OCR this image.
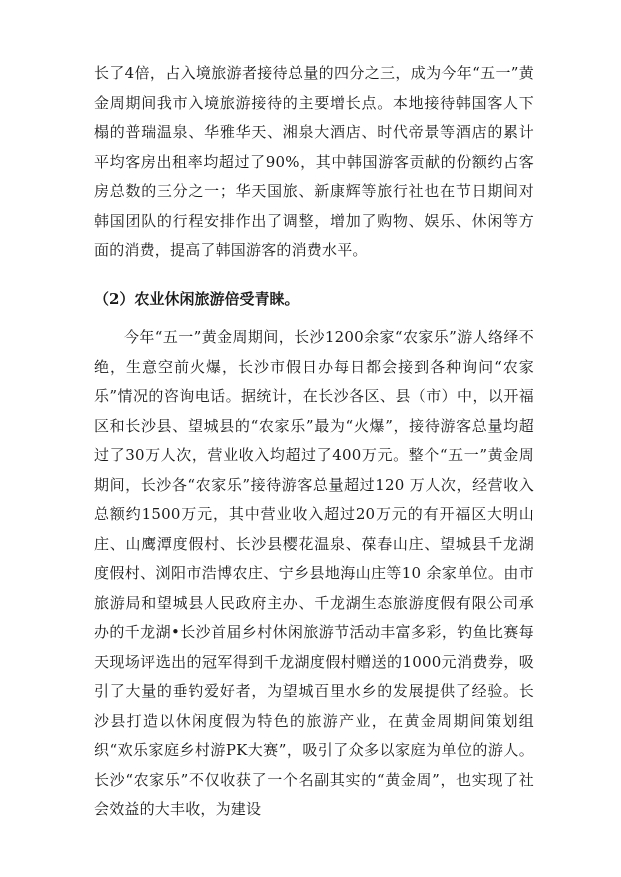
长了4倍，占入境旅游者接待总量的四分之三，成为今年“五一”黄金周期间我市入境旅游接待的主要增长点。本地接待韩国客人下榻的普瑞温泉、华雅华天、湘泉大酒店、时代帝景等酒店的累计平均客房出租率均超过了90%，其中韩国游客贡献的份额约占客房总数的三分之一；华天国旅、新康辉等旅行社也在节日期间对韩国团队的行程安排作出了调整，增加了购物、娱乐、休闲等方面的消费，提高了韩国游客的消费水平。

（2）农业休闲旅游倍受青睐。

今年“五一”黄金周期间，长沙1200余家“农家乐”游人络绎不绝，生意空前火爆，长沙市假日办每日都会接到各种询问“农家乐”情况的咨询电话。据统计，在长沙各区、县（市）中，以开福区和长沙县、望城县的“农家乐”最为“火爆”，接待游客总量均超过了30万人次，营业收入均超过了400万元。整个“五一”黄金周期间，长沙各“农家乐”接待游客总量超过120 万人次，经营收入总额约1500万元，其中营业收入超过20万元的有开福区大明山庄、山鹰潭度假村、长沙县樱花温泉、葆春山庄、望城县千龙湖度假村、浏阳市浩博农庄、宁乡县地海山庄等10 余家单位。由市旅游局和望城县人民政府主办、千龙湖生态旅游度假有限公司承办的千龙湖•长沙首届乡村休闲旅游节活动丰富多彩，钓鱼比赛每天现场评选出的冠军得到千龙湖度假村赠送的1000元消费券，吸引了大量的垂钓爱好者，为望城百里水乡的发展提供了经验。长沙县打造以休闲度假为特色的旅游产业，在黄金周期间策划组织“欢乐家庭乡村游PK大赛”，吸引了众多以家庭为单位的游人。长沙“农家乐”不仅收获了一个名副其实的“黄金周”，也实现了社会效益的大丰收，为建设
